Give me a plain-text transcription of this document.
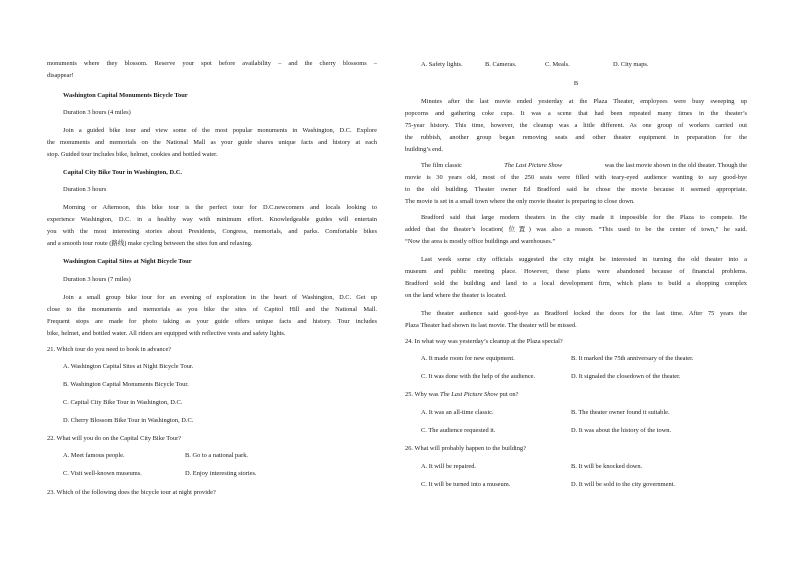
monuments where they blossom. Reserve your spot before availability – and the cherry blossoms –
disappear!
Washington Capital Monuments Bicycle Tour
Duration 3 hours (4 miles)
Join a guided bike tour and view some of the most popular monuments in Washington, D.C. Explore
the monuments and memorials on the National Mall as your guide shares unique facts and history at each
stop. Guided tour includes bike, helmet, cookies and bottled water.
Capital City Bike Tour in Washington, D.C.
Duration 3 hours
Morning or Afternoon, this bike tour is the perfect tour for D.C.newcomers and locals looking to
experience Washington, D.C. in a healthy way with minimum effort. Knowledgeable guides will entertain
you with the most interesting stories about Presidents, Congress, memorials, and parks. Comfortable bikes
and a smooth tour route (路线) make cycling between the sites fun and relaxing.
Washington Capital Sites at Night Bicycle Tour
Duration 3 hours (7 miles)
Join a small group bike tour for an evening of exploration in the heart of Washington, D.C. Get up
close to the monuments and memorials as you bike the sites of Capitol Hill and the National Mall.
Frequent stops are made for photo taking as your guide offers unique facts and history. Tour includes
bike, helmet, and bottled water. All riders are equipped with reflective vests and safety lights.
21. Which tour do you need to book in advance?
A. Washington Capital Sites at Night Bicycle Tour.
B. Washington Capital Monuments Bicycle Tour.
C. Capital City Bike Tour in Washington, D.C.
D. Cherry Blossom Bike Tour in Washington, D.C.
22. What will you do on the Capital City Bike Tour?
A. Meet famous people.	B. Go to a national park.
C. Visit well-known museums.	D. Enjoy interesting stories.
23. Which of the following does the bicycle tour at night provide?
A. Safety lights.	B. Cameras.	C. Meals.	D. City maps.
B
Minutes after the last movie ended yesterday at the Plaza Theater, employees were busy sweeping up
popcorns and gathering coke cups. It was a scene that had been repeated many times in the theater’s
75-year history. This time, however, the cleanup was a little different. As one group of workers carried out
the rubbish, another group began removing seats and other theater equipment in preparation for the
building’s end.
The film classic	The Last Picture Show	was the last movie shown in the old theater. Though the
movie is 30 years old, most of the 250 seats were filled with teary-eyed audience wanting to say good-bye
to the old building. Theater owner Ed Bradford said he chose the movie because it seemed appropriate.
The movie is set in a small town where the only movie theater is preparing to close down.
Bradford said that large modern theaters in the city made it impossible for the Plaza to compete. He
added that the theater’s location( 位置) was also a reason. “This used to be the center of town,” he said.
“Now the area is mostly office buildings and warehouses.”
Last week some city officials suggested the city might be interested in turning the old theater into a
museum and public meeting place. However, these plans were abandoned because of financial problems.
Bradford sold the building and land to a local development firm, which plans to build a shopping complex
on the land where the theater is located.
The theater audience said good-bye as Bradford locked the doors for the last time. After 75 years the
Plaza Theater had shown its last movie. The theater will be missed.
24. In what way was yesterday’s cleanup at the Plaza special?
A. It made room for new equipment.	B. It marked the 75th anniversary of the theater.
C. It was done with the help of the audience.	D. It signaled the closedown of the theater.
25. Why was The Last Picture Show put on?
A. It was an all-time classic.	B. The theater owner found it suitable.
C. The audience requested it.	D. It was about the history of the town.
26. What will probably happen to the building?
A. It will be repaired.	B. It will be knocked down.
C. It will be turned into a museum.	D. It will be sold to the city government.
